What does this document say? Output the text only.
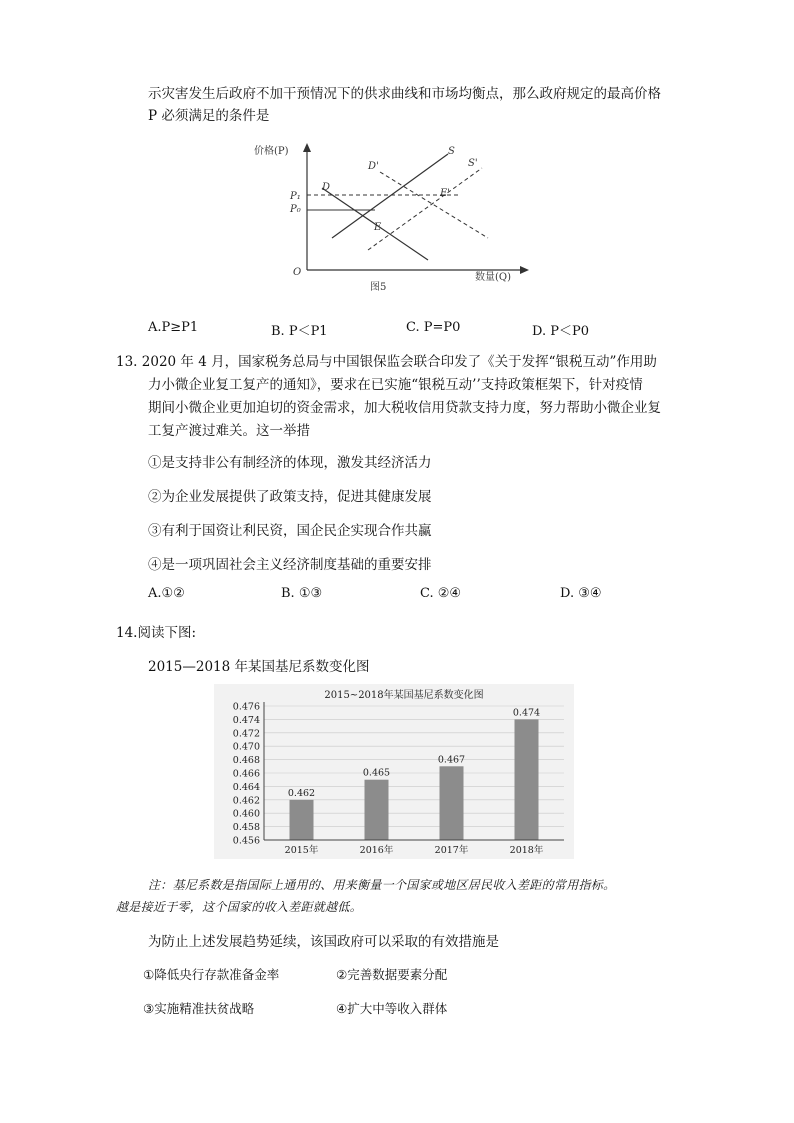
示灾害发生后政府不加干预情况下的供求曲线和市场均衡点，那么政府规定的最高价格
P 必须满足的条件是
价格(P)
数量(Q)
O
图5
P₁
P₀
S
S'
D
D'
E
E'
A.P≥P1	B. P＜P1	C. P=P0	D. P＜P0
13. 2020 年 4 月，国家税务总局与中国银保监会联合印发了《关于发挥“银税互动”作用助
力小微企业复工复产的通知》，要求在已实施“银税互动’’支持政策框架下，针对疫情
期间小微企业更加迫切的资金需求，加大税收信用贷款支持力度，努力帮助小微企业复
工复产渡过难关。这一举措
①是支持非公有制经济的体现，激发其经济活力
②为企业发展提供了政策支持，促进其健康发展
③有利于国资让利民资，国企民企实现合作共赢
④是一项巩固社会主义经济制度基础的重要安排
A.①②	B. ①③	C. ②④	D. ③④
14.阅读下图:
2015—2018 年某国基尼系数变化图
2015~2018年某国基尼系数变化图
0.456
0.458
0.460
0.462
0.464
0.466
0.468
0.470
0.472
0.474
0.476
2015年	2016年	2017年	2018年
0.462
0.465
0.467
0.474
注：基尼系数是指国际上通用的、用来衡量一个国家或地区居民收入差距的常用指标。
越是接近于零，这个国家的收入差距就越低。
为防止上述发展趋势延续，该国政府可以采取的有效措施是
①降低央行存款准备金率	②完善数据要素分配
③实施精准扶贫战略	④扩大中等收入群体
